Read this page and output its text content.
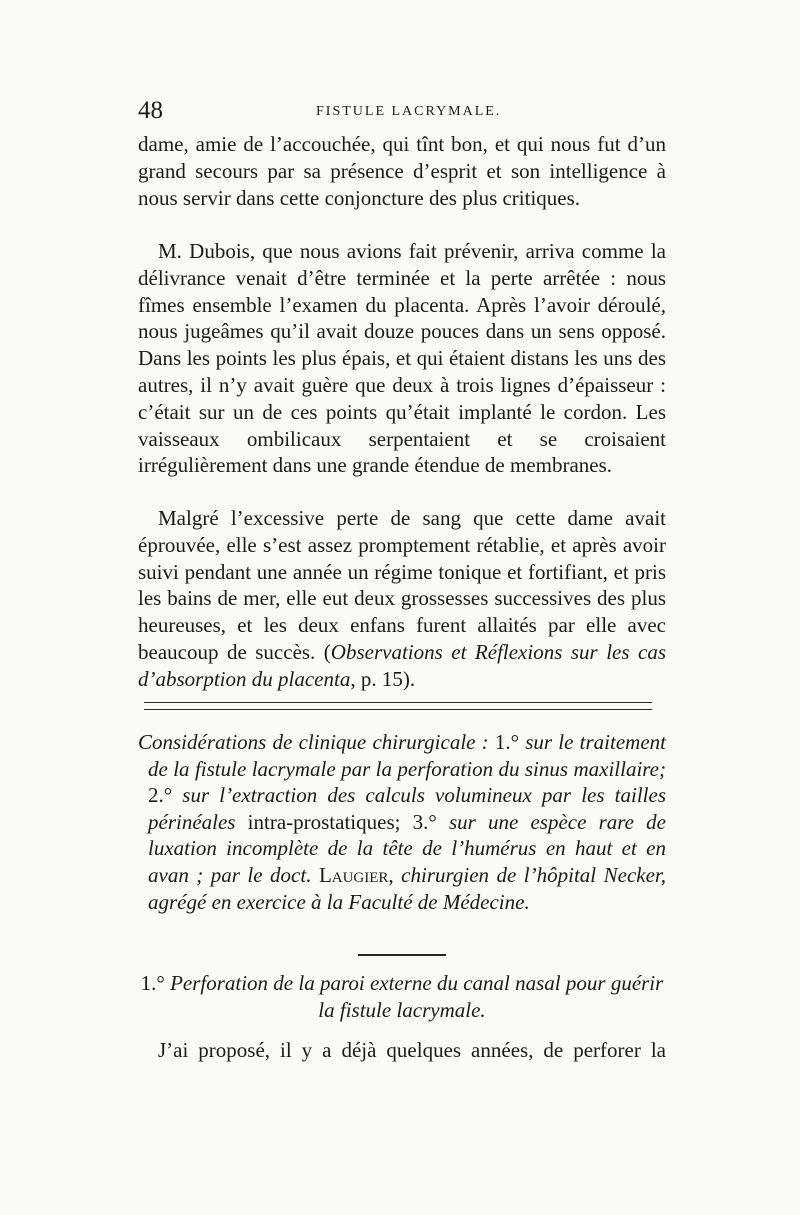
48	FISTULE LACRYMALE.

dame, amie de l’accouchée, qui tînt bon, et qui nous fut d’un grand secours par sa présence d’esprit et son intelligence à nous servir dans cette conjoncture des plus critiques.

M. Dubois, que nous avions fait prévenir, arriva comme la délivrance venait d’être terminée et la perte arrêtée : nous fîmes ensemble l’examen du placenta. Après l’avoir déroulé, nous jugeâmes qu’il avait douze pouces dans un sens opposé. Dans les points les plus épais, et qui étaient distans les uns des autres, il n’y avait guère que deux à trois lignes d’épaisseur : c’était sur un de ces points qu’était implanté le cordon. Les vaisseaux ombilicaux serpentaient et se croisaient irrégulièrement dans une grande étendue de membranes.

Malgré l’excessive perte de sang que cette dame avait éprouvée, elle s’est assez promptement rétablie, et après avoir suivi pendant une année un régime tonique et fortifiant, et pris les bains de mer, elle eut deux grossesses successives des plus heureuses, et les deux enfans furent allaités par elle avec beaucoup de succès. (Observations et Réflexions sur les cas d’absorption du placenta, p. 15).

Considérations de clinique chirurgicale : 1.° sur le traitement de la fistule lacrymale par la perforation du sinus maxillaire; 2.° sur l’extraction des calculs volumineux par les tailles périnéales intra-prostatiques; 3.° sur une espèce rare de luxation incomplète de la tête de l’humérus en haut et en avan ; par le doct. Laugier, chirurgien de l’hôpital Necker, agrégé en exercice à la Faculté de Médecine.
1.° Perforation de la paroi externe du canal nasal pour guérir la fistule lacrymale.
J’ai proposé, il y a déjà quelques années, de perforer la
